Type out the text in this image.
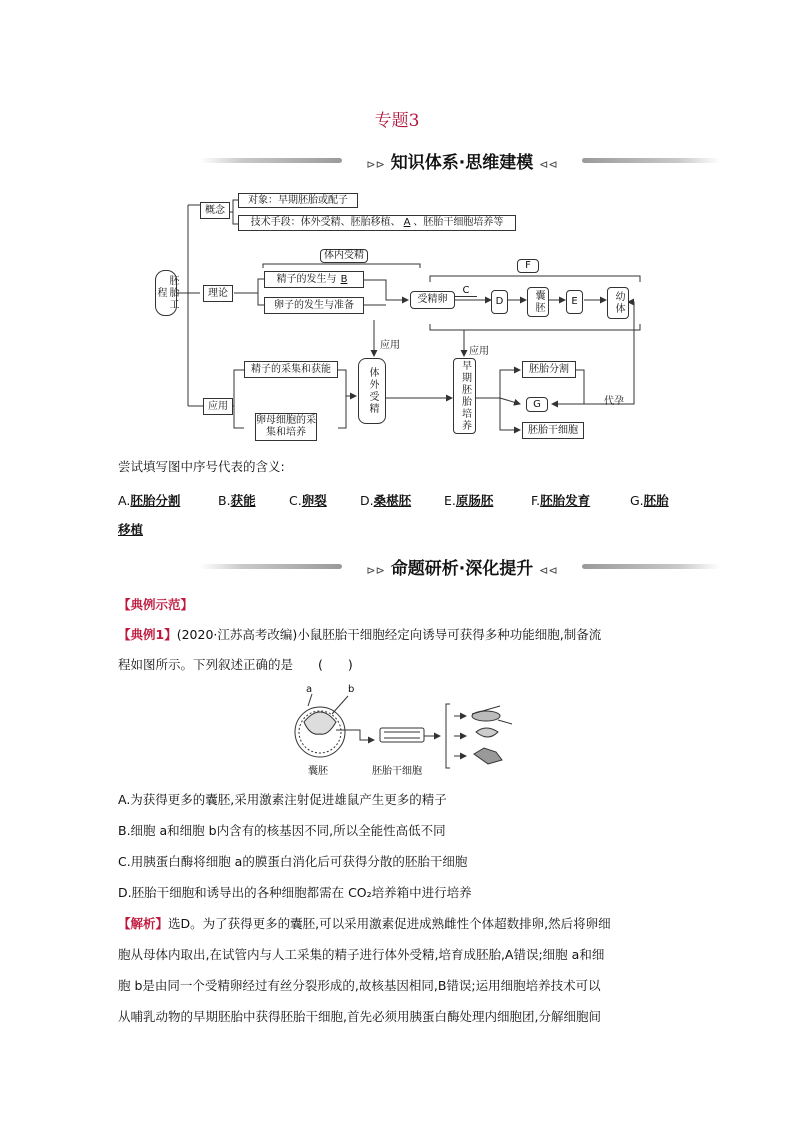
专题3
⊳⊳ 知识体系·思维建模 ⊲⊲
胚胎工程
概念
对象：早期胚胎或配子
技术手段：体外受精、胚胎移植、 A 、胚胎干细胞培养等
理论
体内受精
精子的发生与 B
卵子的发生与准备	受精卵
C
D	囊胚	E
F
幼体
应用
应用
应用
精子的采集和获能
卵母细胞的采集和培养
体外受精	早期胚胎培养	胚胎分割
G	代孕
胚胎干细胞
尝试填写图中序号代表的含义:
A.胚胎分割	B.获能	C.卵裂	D.桑椹胚	E.原肠胚	F.胚胎发育	G.胚胎
移植
⊳⊳ 命题研析·深化提升 ⊲⊲
【典例示范】
【典例1】(2020·江苏高考改编)小鼠胚胎干细胞经定向诱导可获得多种功能细胞,制备流
程如图所示。下列叙述正确的是　　(　　)
a	b
囊胚	胚胎干细胞
A.为获得更多的囊胚,采用激素注射促进雄鼠产生更多的精子
B.细胞 a和细胞 b内含有的核基因不同,所以全能性高低不同
C.用胰蛋白酶将细胞 a的膜蛋白消化后可获得分散的胚胎干细胞
D.胚胎干细胞和诱导出的各种细胞都需在 CO₂培养箱中进行培养
【解析】选D。为了获得更多的囊胚,可以采用激素促进成熟雌性个体超数排卵,然后将卵细
胞从母体内取出,在试管内与人工采集的精子进行体外受精,培育成胚胎,A错误;细胞 a和细
胞 b是由同一个受精卵经过有丝分裂形成的,故核基因相同,B错误;运用细胞培养技术可以
从哺乳动物的早期胚胎中获得胚胎干细胞,首先必须用胰蛋白酶处理内细胞团,分解细胞间
